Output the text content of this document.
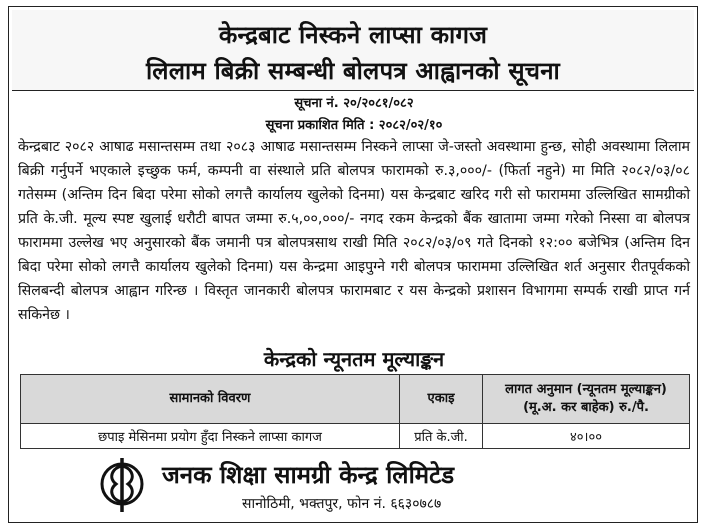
केन्द्रबाट निस्कने लाप्सा कागज
लिलाम बिक्री सम्बन्धी बोलपत्र आह्वानको सूचना
सूचना नं. २०/२०८१/०८२
सूचना प्रकाशित मिति : २०८२/०२/१०
केन्द्रबाट २०८२ आषाढ मसान्तसम्म तथा २०८३ आषाढ मसान्तसम्म निस्कने लाप्सा जे-जस्तो अवस्थामा हुन्छ, सोही अवस्थामा लिलाम बिक्री गर्नुपर्ने भएकाले इच्छुक फर्म, कम्पनी वा संस्थाले प्रति बोलपत्र फारामको रु.३,०००/- (फिर्ता नहुने) मा मिति २०८२/०३/०८ गतेसम्म (अन्तिम दिन बिदा परेमा सोको लगत्तै कार्यालय खुलेको दिनमा) यस केन्द्रबाट खरिद गरी सो फाराममा उल्लिखित सामग्रीको प्रति के.जी. मूल्य स्पष्ट खुलाई धरौटी बापत जम्मा रु.५,००,०००/- नगद रकम केन्द्रको बैंक खातामा जम्मा गरेको निस्सा वा बोलपत्र फाराममा उल्लेख भए अनुसारको बैंक जमानी पत्र बोलपत्रसाथ राखी मिति २०८२/०३/०९ गते दिनको १२:०० बजेभित्र (अन्तिम दिन बिदा परेमा सोको लगत्तै कार्यालय खुलेको दिनमा) यस केन्द्रमा आइपुग्ने गरी बोलपत्र फाराममा उल्लिखित शर्त अनुसार रीतपूर्वकको सिलबन्दी बोलपत्र आह्वान गरिन्छ । विस्तृत जानकारी बोलपत्र फारामबाट र यस केन्द्रको प्रशासन विभागमा सम्पर्क राखी प्राप्त गर्न सकिनेछ ।
केन्द्रको न्यूनतम मूल्याङ्कन
सामानको विवरण	एकाइ	लागत अनुमान (न्यूनतम मूल्याङ्कन) (मू.अ. कर बाहेक) रु./पै.
छपाइ मेसिनमा प्रयोग हुँदा निस्कने लाप्सा कागज	प्रति के.जी.	४०।००
जनक शिक्षा सामग्री केन्द्र लिमिटेड
सानोठिमी, भक्तपुर, फोन नं. ६६३०७८७
